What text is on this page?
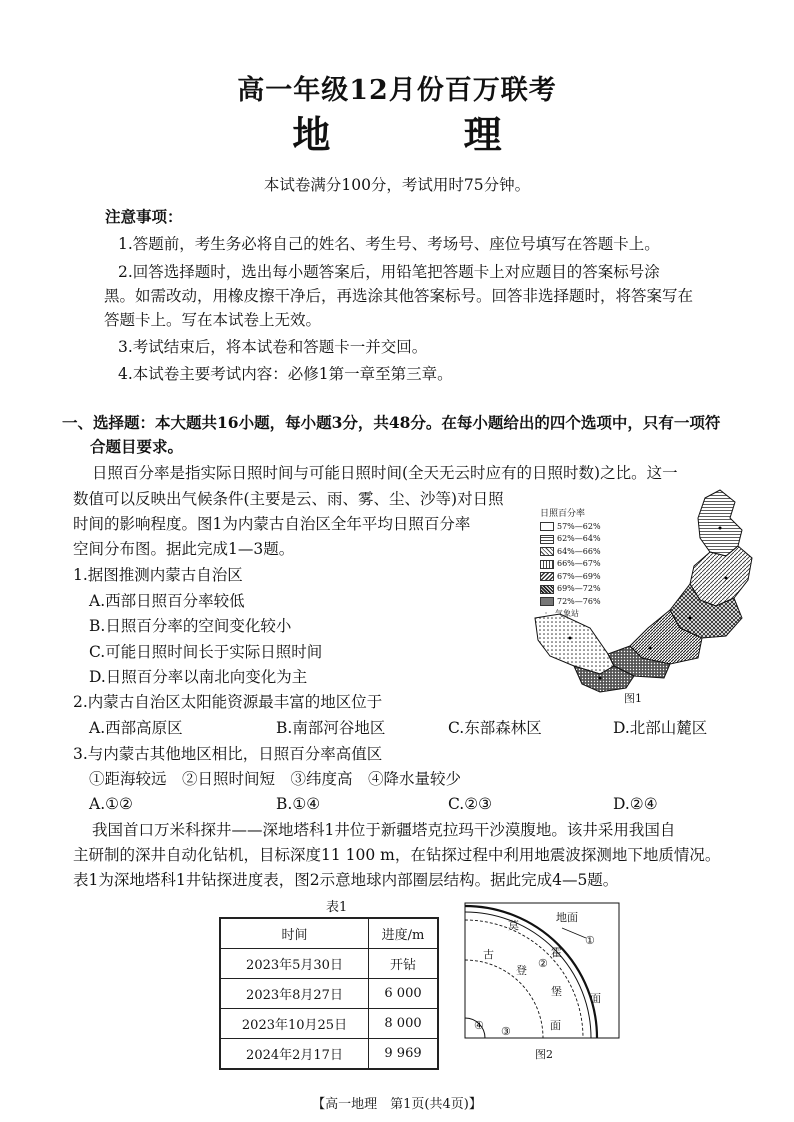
高一年级12月份百万联考
地 理
本试卷满分100分，考试用时75分钟。
注意事项：
1.答题前，考生务必将自己的姓名、考生号、考场号、座位号填写在答题卡上。
2.回答选择题时，选出每小题答案后，用铅笔把答题卡上对应题目的答案标号涂
黑。如需改动，用橡皮擦干净后，再选涂其他答案标号。回答非选择题时，将答案写在
答题卡上。写在本试卷上无效。
3.考试结束后，将本试卷和答题卡一并交回。
4.本试卷主要考试内容：必修1第一章至第三章。
一、选择题：本大题共16小题，每小题3分，共48分。在每小题给出的四个选项中，只有一项符
合题目要求。
日照百分率是指实际日照时间与可能日照时间(全天无云时应有的日照时数)之比。这一
数值可以反映出气候条件(主要是云、雨、雾、尘、沙等)对日照
时间的影响程度。图1为内蒙古自治区全年平均日照百分率
空间分布图。据此完成1—3题。
1.据图推测内蒙古自治区
A.西部日照百分率较低
B.日照百分率的空间变化较小
C.可能日照时间长于实际日照时间
D.日照百分率以南北向变化为主
2.内蒙古自治区太阳能资源最丰富的地区位于
A.西部高原区	B.南部河谷地区	C.东部森林区	D.北部山麓区
3.与内蒙古其他地区相比，日照百分率高值区
①距海较远　②日照时间短　③纬度高　④降水量较少
A.①②	B.①④	C.②③	D.②④
我国首口万米科探井——深地塔科1井位于新疆塔克拉玛干沙漠腹地。该井采用我国自
主研制的深井自动化钻机，目标深度11 100 m，在钻探过程中利用地震波探测地下地质情况。
表1为深地塔科1井钻探进度表，图2示意地球内部圈层结构。据此完成4—5题。
日照百分率
57%—62%
62%—64%
64%—66%
66%—67%
67%—69%
69%—72%
72%—76%
· 气象站
图1
表1
时间	进度/m
2023年5月30日	开钻
2023年8月27日	6 000
2023年10月25日	8 000
2024年2月17日	9 969
地面
①
②
③
④
莫
霍
面
古
登
堡
面
图2
【高一地理　第1页(共4页)】
